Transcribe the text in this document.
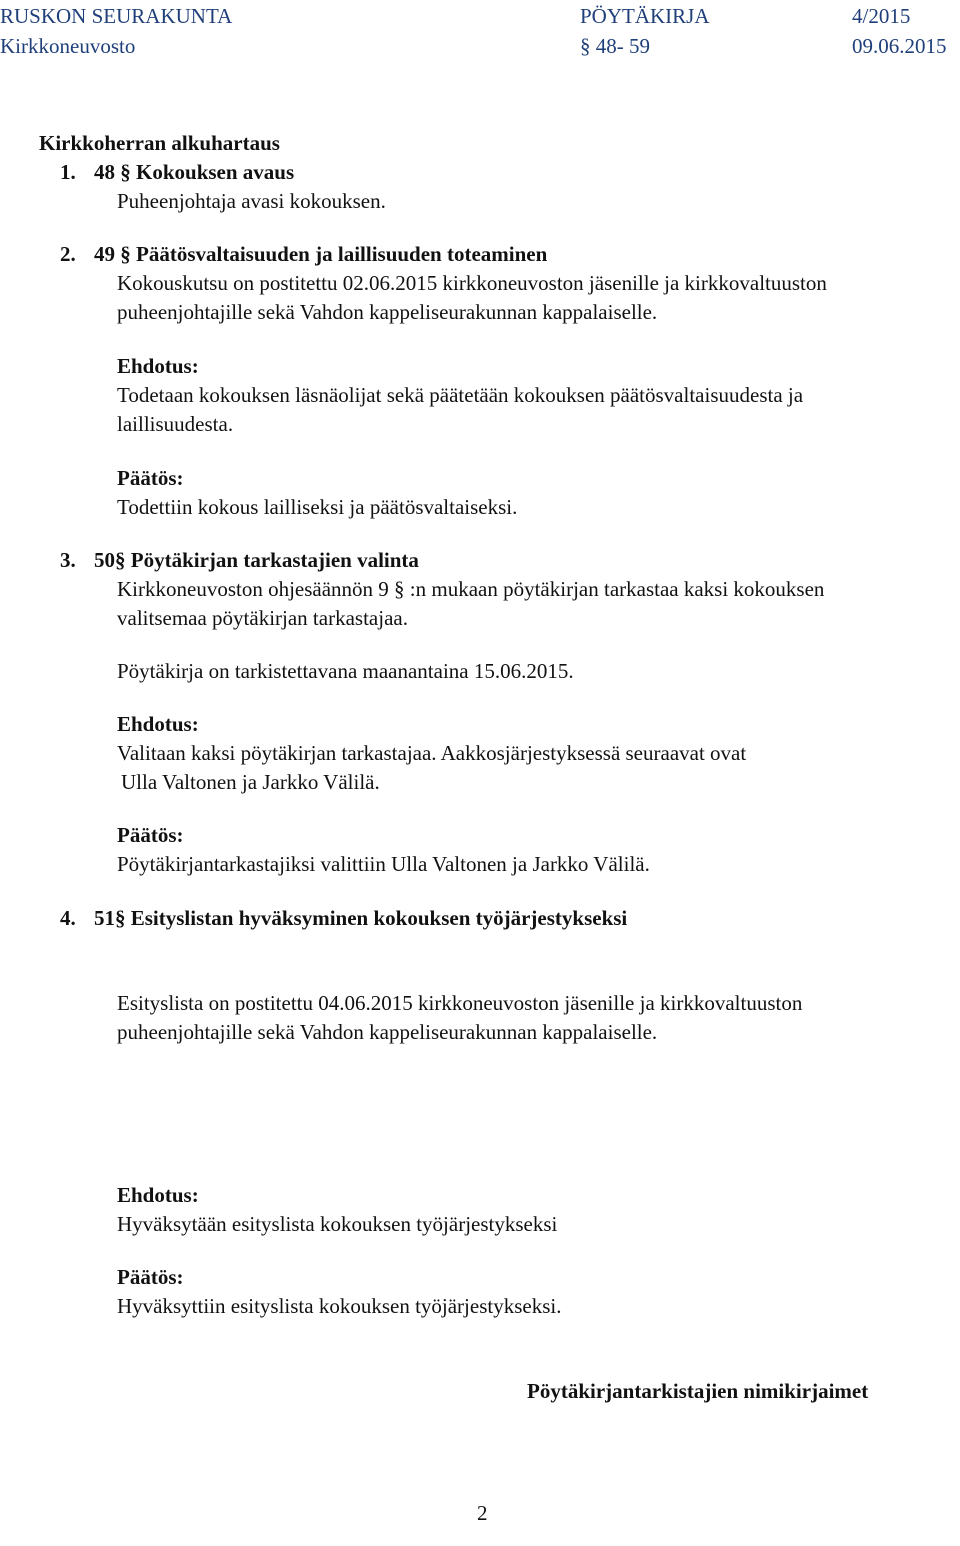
RUSKON SEURAKUNTA	PÖYTÄKIRJA	4/2015
Kirkkoneuvosto	§ 48- 59	09.06.2015
Kirkkoherran alkuhartaus
1. 48 § Kokouksen avaus
Puheenjohtaja avasi kokouksen.
2. 49 § Päätösvaltaisuuden ja laillisuuden toteaminen
Kokouskutsu on postitettu 02.06.2015 kirkkoneuvoston jäsenille ja kirkkovaltuuston
puheenjohtajille sekä Vahdon kappeliseurakunnan kappalaiselle.
Ehdotus:
Todetaan kokouksen läsnäolijat sekä päätetään kokouksen päätösvaltaisuudesta ja
laillisuudesta.
Päätös:
Todettiin kokous lailliseksi ja päätösvaltaiseksi.
3. 50§ Pöytäkirjan tarkastajien valinta
Kirkkoneuvoston ohjesäännön 9 § :n mukaan pöytäkirjan tarkastaa kaksi kokouksen
valitsemaa pöytäkirjan tarkastajaa.
Pöytäkirja on tarkistettavana maanantaina 15.06.2015.
Ehdotus:
Valitaan kaksi pöytäkirjan tarkastajaa. Aakkosjärjestyksessä seuraavat ovat
Ulla Valtonen ja Jarkko Välilä.
Päätös:
Pöytäkirjantarkastajiksi valittiin Ulla Valtonen ja Jarkko Välilä.
4. 51§ Esityslistan hyväksyminen kokouksen työjärjestykseksi
Esityslista on postitettu 04.06.2015 kirkkoneuvoston jäsenille ja kirkkovaltuuston
puheenjohtajille sekä Vahdon kappeliseurakunnan kappalaiselle.
Ehdotus:
Hyväksytään esityslista kokouksen työjärjestykseksi
Päätös:
Hyväksyttiin esityslista kokouksen työjärjestykseksi.
Pöytäkirjantarkistajien nimikirjaimet
2
